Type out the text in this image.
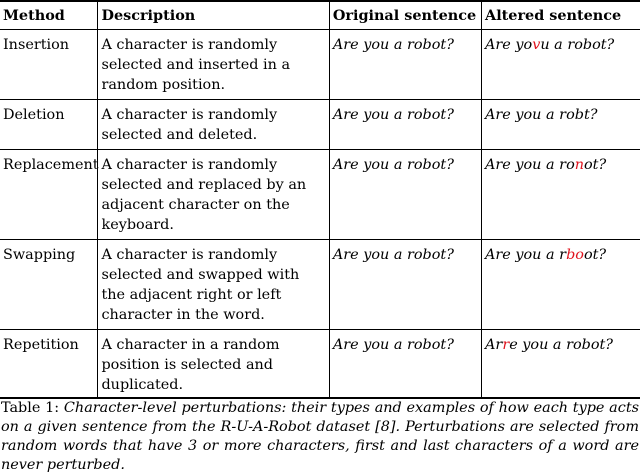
Method	Description	Original sentence	Altered sentence
Insertion	A character is randomly selected and inserted in a random position.	Are you a robot?	Are yovu a robot?
Deletion	A character is randomly selected and deleted.	Are you a robot?	Are you a robt?
Replacement	A character is randomly selected and replaced by an adjacent character on the keyboard.	Are you a robot?	Are you a ronot?
Swapping	A character is randomly selected and swapped with the adjacent right or left character in the word.	Are you a robot?	Are you a rboot?
Repetition	A character in a random position is selected and duplicated.	Are you a robot?	Arre you a robot?
Table 1: Character-level perturbations: their types and examples of how each type acts on a given sentence from the R-U-A-Robot dataset [8]. Perturbations are selected from random words that have 3 or more characters, first and last characters of a word are never perturbed.
